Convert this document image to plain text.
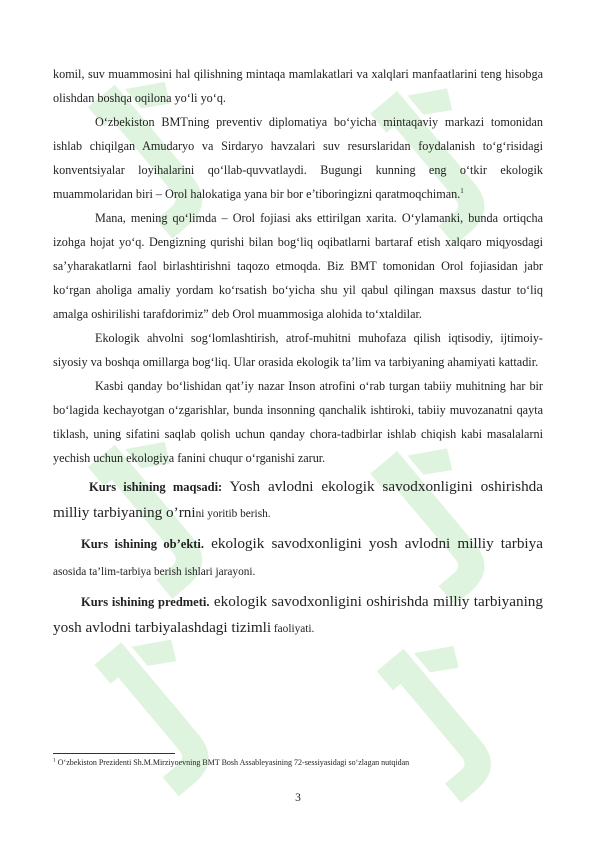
komil, suv muammosini hal qilishning mintaqa mamlakatlari va xalqlari manfaatlarini teng hisobga olishdan boshqa oqilona yo‘li yo‘q.

O‘zbekiston BMTning preventiv diplomatiya bo‘yicha mintaqaviy markazi tomonidan ishlab chiqilgan Amudaryo va Sirdaryo havzalari suv resurslaridan foydalanish to‘g‘risidagi konventsiyalar loyihalarini qo‘llab-quvvatlaydi. Bugungi kunning eng o‘tkir ekologik muammolaridan biri – Orol halokatiga yana bir bor e’tiboringizni qaratmoqchiman.$^1$

Mana, mening qo‘limda – Orol fojiasi aks ettirilgan xarita. O‘ylamanki, bunda ortiqcha izohga hojat yo‘q. Dengizning qurishi bilan bog‘liq oqibatlarni bartaraf etish xalqaro miqyosdagi sa’yharakatlarni faol birlashtirishni taqozo etmoqda. Biz BMT tomonidan Orol fojiasidan jabr ko‘rgan aholiga amaliy yordam ko‘rsatish bo‘yicha shu yil qabul qilingan maxsus dastur to‘liq amalga oshirilishi tarafdorimiz” deb Orol muammosiga alohida to‘xtaldilar.

Ekologik ahvolni sog‘lomlashtirish, atrof-muhitni muhofaza qilish iqtisodiy, ijtimoiy-siyosiy va boshqa omillarga bog‘liq. Ular orasida ekologik ta’lim va tarbiyaning ahamiyati kattadir.

Kasbi qanday bo‘lishidan qat’iy nazar Inson atrofini o‘rab turgan tabiiy muhitning har bir bo‘lagida kechayotgan o‘zgarishlar, bunda insonning qanchalik ishtiroki, tabiiy muvozanatni qayta tiklash, uning sifatini saqlab qolish uchun qanday chora-tadbirlar ishlab chiqish kabi masalalarni yechish uchun ekologiya fanini chuqur o‘rganishi zarur.

Kurs ishining maqsadi: Yosh avlodni ekologik savodxonligini oshirishda milliy tarbiyaning o’rnini yoritib berish.

Kurs ishining ob’ekti. ekologik savodxonligini yosh avlodni milliy tarbiya asosida ta’lim-tarbiya berish ishlari jarayoni.

Kurs ishining predmeti. ekologik savodxonligini oshirishda milliy tarbiyaning yosh avlodni tarbiyalashdagi tizimli faoliyati.

$^1$ O‘zbekiston Prezidenti Sh.M.Mirziyoevning BMT Bosh Assableyasining 72-sessiyasidagi so‘zlagan nutqidan
3
